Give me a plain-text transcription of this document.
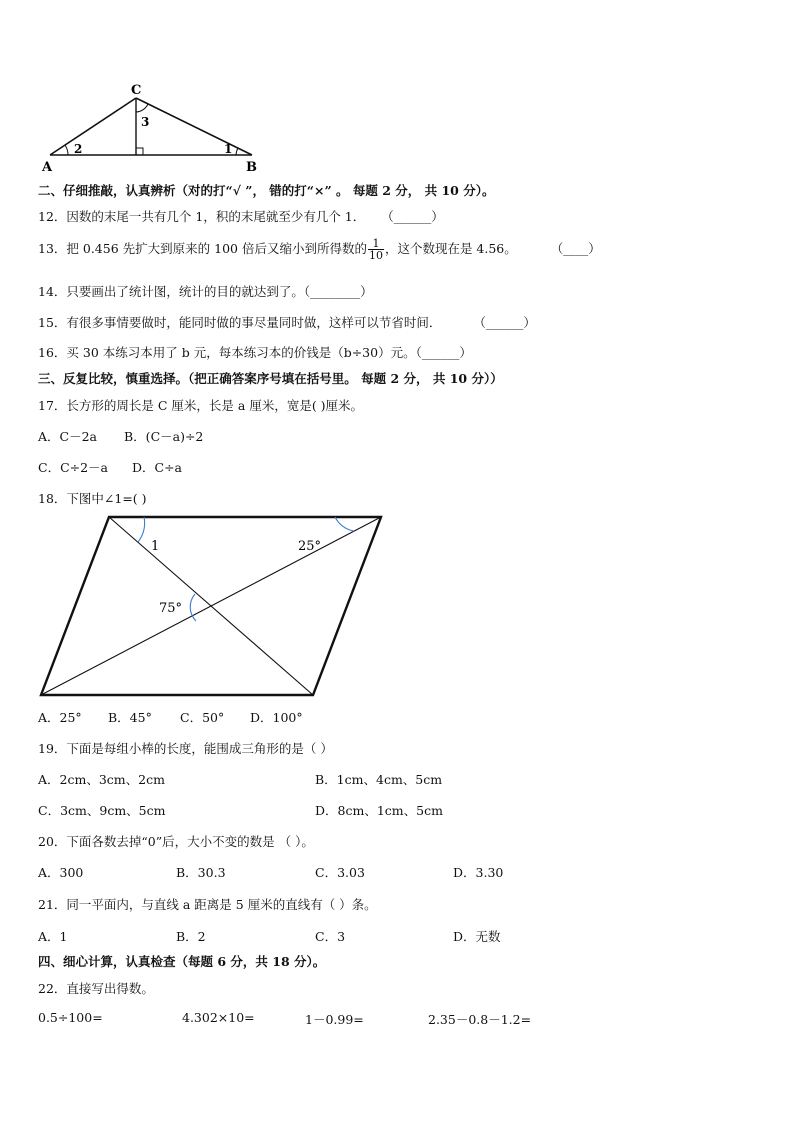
C
A	B
2	1
3
二、仔细推敲，认真辨析（对的打“√ ”， 错的打“×” 。 每题 2 分， 共 10 分）。
12．因数的末尾一共有几个 1，积的末尾就至少有几个 1． （______）
13．把 0.456 先扩大到原来的 100 倍后又缩小到所得数的 $\frac{1}{10}$ ，这个数现在是 4.56。	（____）
14．只要画出了统计图，统计的目的就达到了。（________）
15．有很多事情要做时，能同时做的事尽量同时做，这样可以节省时间．	（______）
16．买 30 本练习本用了 b 元，每本练习本的价钱是（b÷30）元。（______）
三、反复比较，慎重选择。（把正确答案序号填在括号里。 每题 2 分， 共 10 分））
17．长方形的周长是 C 厘米，长是 a 厘米，宽是( )厘米。
A．C－2a B．(C－a)÷2
C．C÷2－a D．C÷a
18．下图中∠1=( )
1	25°
75°
A．25° B．45° C．50° D．100°
19．下面是每组小棒的长度，能围成三角形的是（ ）
A．2cm、3cm、2cm	B．1cm、4cm、5cm
C．3cm、9cm、5cm	D．8cm、1cm、5cm
20．下面各数去掉“0”后，大小不变的数是 （ ）。
A．300	B．30.3	C．3.03	D．3.30
21．同一平面内，与直线 a 距离是 5 厘米的直线有（ ）条。
A．1	B．2	C．3	D．无数
四、细心计算，认真检查（每题 6 分，共 18 分）。
22．直接写出得数。
0.5÷100=	4.302×10=	1－0.99=	2.35－0.8－1.2=
